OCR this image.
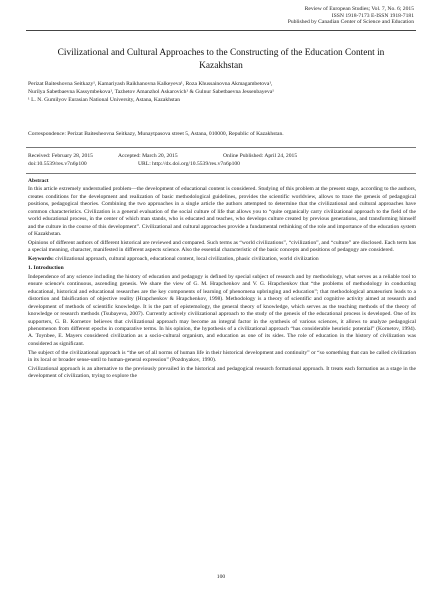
Review of European Studies; Vol. 7, No. 6; 2015
ISSN 1918-7173 E-ISSN 1918-7181
Published by Canadian Center of Science and Education
Civilizational and Cultural Approaches to the Constructing of the Education Content in Kazakhstan
Perizat Baiteshovna Seitkazy¹, Kamariyash Raikhanovna Kalkeyeva¹, Roza Khussainovna Akmagambetova¹,
Nurilya Sabetbaevna Kassymbekova¹, Tazhetov Amanzhol Askarovich¹ & Gulnur Sabetbaevna Jessenbayeva¹
¹ L. N. Gumilyov Eurasian National University, Astana, Kazakhstan
Correspondence: Perizat Baitesheovna Seitkazy, Munaytpasova street 5, Astana, 010000, Republic of Kazakhstan.
Received: February 28, 2015	Accepted: March 20, 2015	Online Published: April 24, 2015
doi:10.5539/res.v7n6p100	URL: http://dx.doi.org/10.5539/res.v7n6p100
Abstract

In this article extremely understudied problem—the development of educational content is considered. Studying of this problem at the present stage, according to the authors, creates conditions for the development and realization of basic methodological guidelines, provides the scientific worldview, allows to trace the genesis of pedagogical positions, pedagogical theories. Combining the two approaches in a single article the authors attempted to determine that the civilizational and cultural approaches have common characteristics. Civilization is a general evaluation of the social culture of life that allows you to “quite organically carry civilizational approach to the field of the world educational process, in the center of which man stands, who is educated and teaches, who develops culture created by previous generations, and transforming himself and the culture in the course of this development”. Civilizational and cultural approaches provide a fundamental rethinking of the role and importance of the education system of Kazakhstan.

Opinions of different authors of different historical are reviewed and compared. Such terms as “world civilizations”, “civilization”, and “culture” are disclosed. Each term has a special meaning, character, manifested in different aspects science. Also the essential characteristic of the basic concepts and positions of pedagogy are considered.

Keywords: civilizational approach, cultural approach, educational content, local civilization, phasic civilization, world civilization

1. Introduction

Independence of any science including the history of education and pedagogy is defined by special subject of research and by methodology, what serves as a reliable tool to ensure science's continuous, ascending genesis. We share the view of G. M. Hrapchenkov and V. G. Hrapchenkov that “the problems of methodology in conducting educational, historical and educational researches are the key components of learning of phenomena upbringing and education”; that methodological amateurism leads to a distortion and falsification of objective reality (Hrapchenkov & Hrapchenkov, 1998). Methodology is a theory of scientific and cognitive activity aimed at research and development of methods of scientific knowledge. It is the part of epistemology, the general theory of knowledge, which serves as the teaching methods of the theory of knowledge or research methods (Tsubayeva, 2007). Currently actively civilizational approach to the study of the genesis of the educational process is developed. One of its supporters, G. B. Kornetov believes that civilizational approach may become an integral factor in the synthesis of various sciences, it allows to analyze pedagogical phenomenon from different epochs in comparative terms. In his opinion, the hypothesis of a civilizational approach “has considerable heuristic potential” (Kornetov, 1994). A. Toynbee, E. Mayers considered civilization as a socio-cultural organism, and education as one of its sides. The role of education in the history of civilization was considered as significant.

The subject of the civilizational approach is “the set of all norms of human life in their historical development and continuity” or “so something that can be called civilization in its local or broader sense-until to human-general expression” (Pozdnyakov, 1990).

Civilizational approach is an alternative to the previously prevailed in the historical and pedagogical research formational approach. It treats each formation as a stage in the development of civilization, trying to explore the

100
